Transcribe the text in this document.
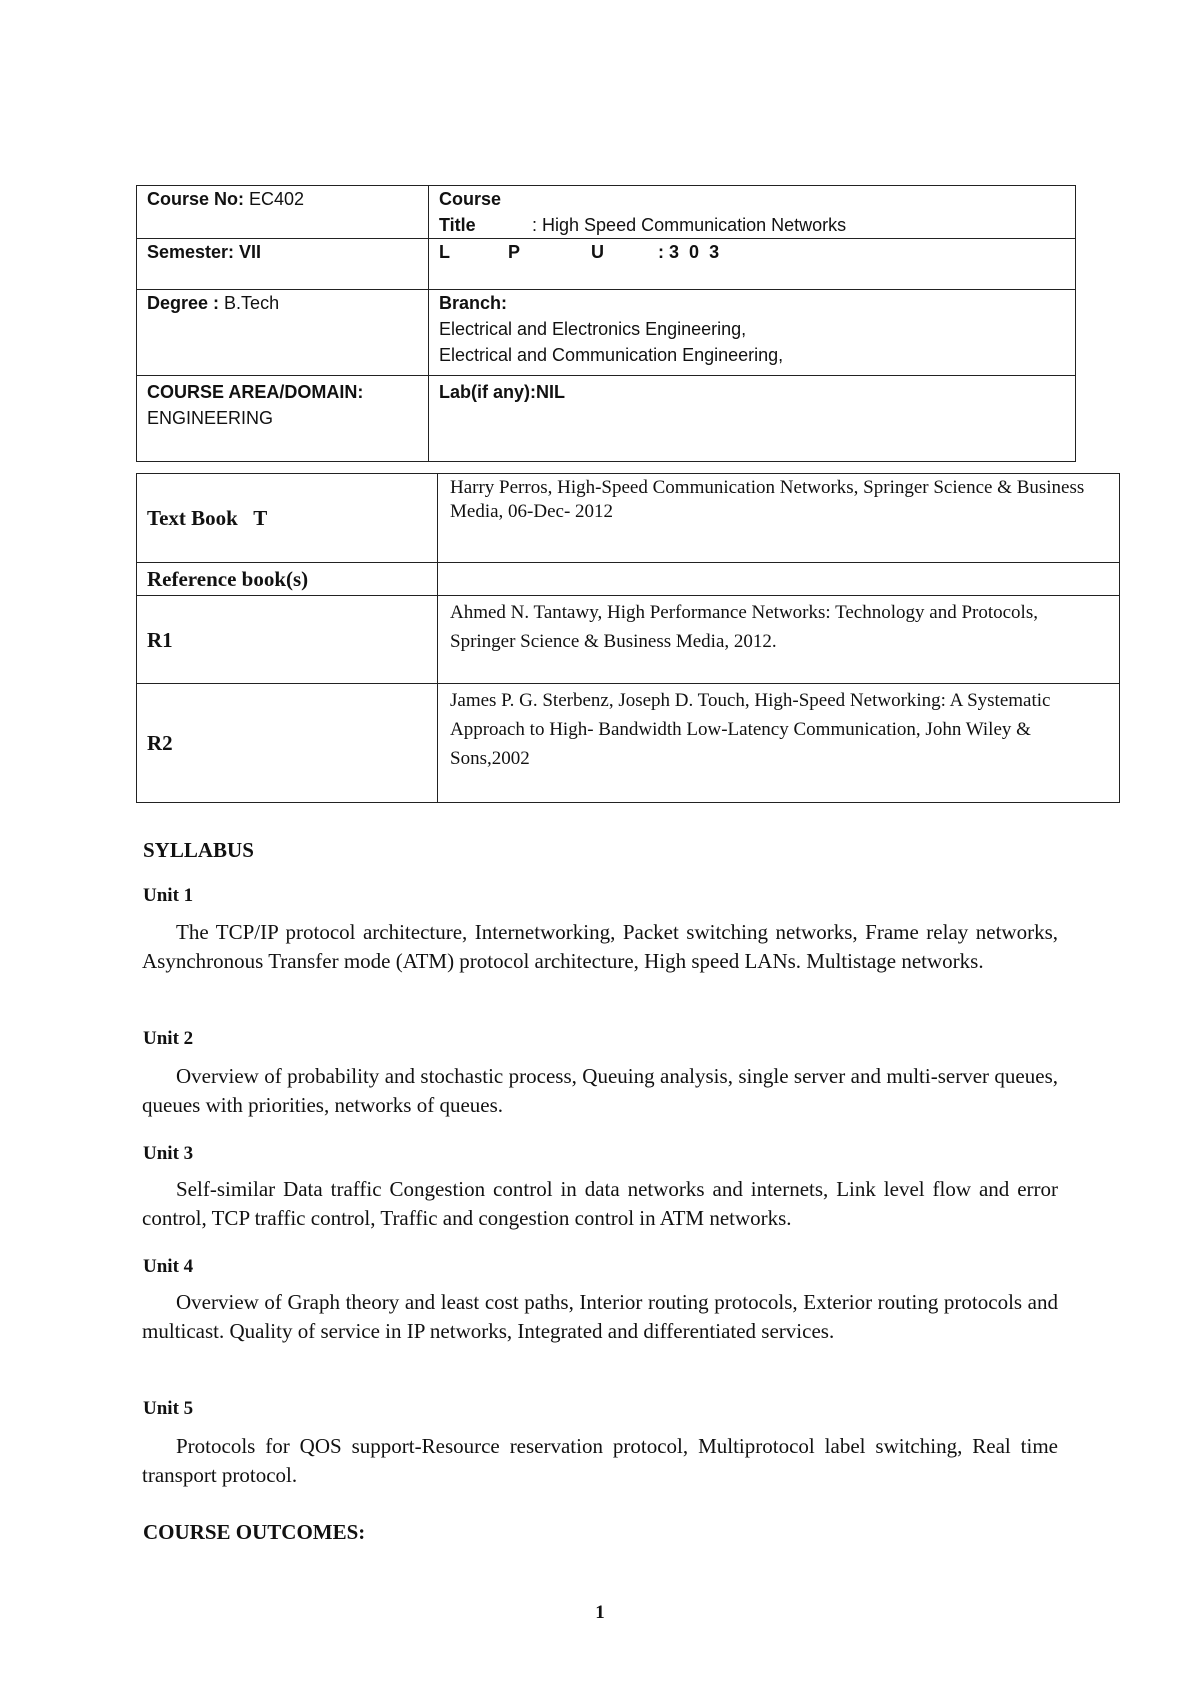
Course No: EC402	Course Title : High Speed Communication Networks
Semester: VII	L P U : 3  0  3
Degree : B.Tech	Branch:
Electrical and Electronics Engineering,
Electrical and Communication Engineering,

COURSE AREA/DOMAIN:
ENGINEERING	Lab(if any):NIL
Text Book   T	Harry Perros, High-Speed Communication Networks, Springer Science & Business Media, 06-Dec- 2012
Reference book(s)	
R1	Ahmed N. Tantawy, High Performance Networks: Technology and Protocols, Springer Science & Business Media, 2012.
R2	James P. G. Sterbenz, Joseph D. Touch, High-Speed Networking: A Systematic Approach to High- Bandwidth Low-Latency Communication, John Wiley & Sons,2002
SYLLABUS
Unit 1
The TCP/IP protocol architecture, Internetworking, Packet switching networks, Frame relay networks, Asynchronous Transfer mode (ATM) protocol architecture, High speed LANs. Multistage networks.
Unit 2
Overview of probability and stochastic process, Queuing analysis, single server and multi-server queues, queues with priorities, networks of queues.
Unit 3
Self-similar Data traffic Congestion control in data networks and internets, Link level flow and error control, TCP traffic control, Traffic and congestion control in ATM networks.
Unit 4
Overview of Graph theory and least cost paths, Interior routing protocols, Exterior routing protocols and multicast. Quality of service in IP networks, Integrated and differentiated services.
Unit 5
Protocols for QOS support-Resource reservation protocol, Multiprotocol label switching, Real time transport protocol.
COURSE OUTCOMES:
1
